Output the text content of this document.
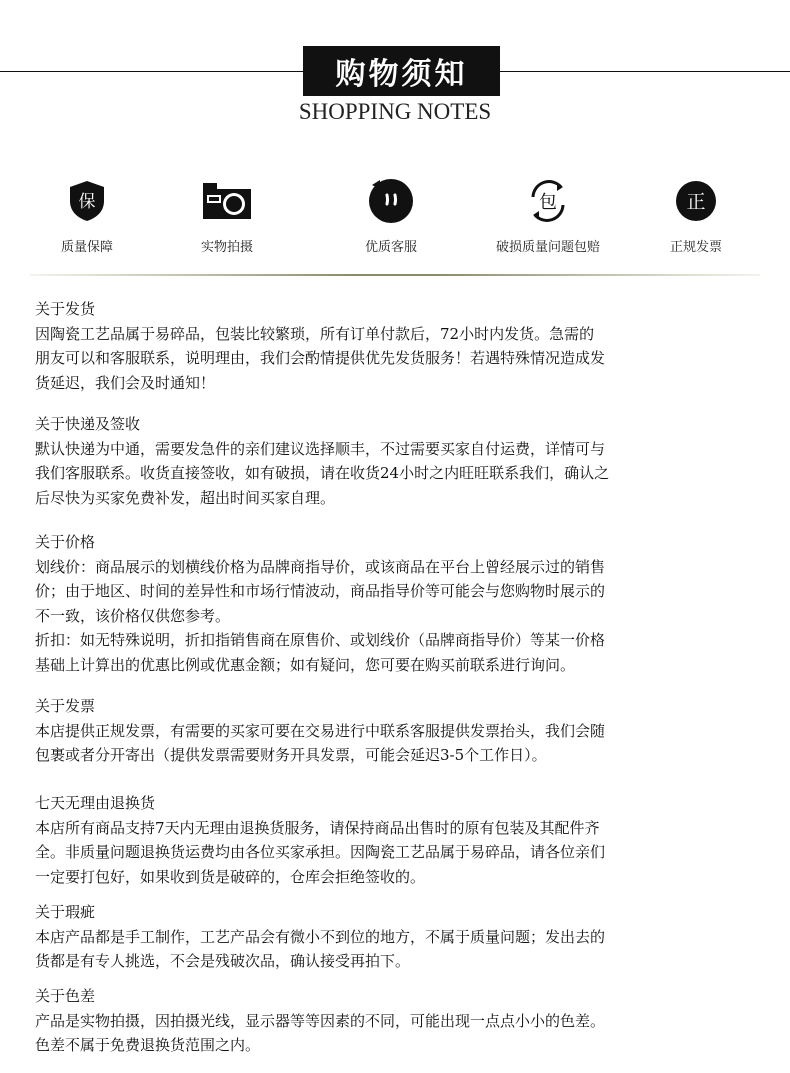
购物须知
SHOPPING NOTES
保
质量保障	实物拍摄	优质客服
包
破损质量问题包赔
正
正规发票

关于发货

因陶瓷工艺品属于易碎品，包装比较繁琐，所有订单付款后，72小时内发货。急需的

朋友可以和客服联系，说明理由，我们会酌情提供优先发货服务！若遇特殊情况造成发

货延迟，我们会及时通知！

关于快递及签收

默认快递为中通，需要发急件的亲们建议选择顺丰，不过需要买家自付运费，详情可与

我们客服联系。收货直接签收，如有破损，请在收货24小时之内旺旺联系我们，确认之

后尽快为买家免费补发，超出时间买家自理。

关于价格

划线价：商品展示的划横线价格为品牌商指导价，或该商品在平台上曾经展示过的销售

价；由于地区、时间的差异性和市场行情波动，商品指导价等可能会与您购物时展示的

不一致，该价格仅供您参考。

折扣：如无特殊说明，折扣指销售商在原售价、或划线价（品牌商指导价）等某一价格

基础上计算出的优惠比例或优惠金额；如有疑问，您可要在购买前联系进行询问。

关于发票

本店提供正规发票，有需要的买家可要在交易进行中联系客服提供发票抬头，我们会随

包裹或者分开寄出（提供发票需要财务开具发票，可能会延迟3-5个工作日）。

七天无理由退换货

本店所有商品支持7天内无理由退换货服务，请保持商品出售时的原有包装及其配件齐

全。非质量问题退换货运费均由各位买家承担。因陶瓷工艺品属于易碎品，请各位亲们

一定要打包好，如果收到货是破碎的，仓库会拒绝签收的。

关于瑕疵

本店产品都是手工制作，工艺产品会有微小不到位的地方，不属于质量问题；发出去的

货都是有专人挑选，不会是残破次品，确认接受再拍下。

关于色差

产品是实物拍摄，因拍摄光线，显示器等等因素的不同，可能出现一点点小小的色差。

色差不属于免费退换货范围之内。
